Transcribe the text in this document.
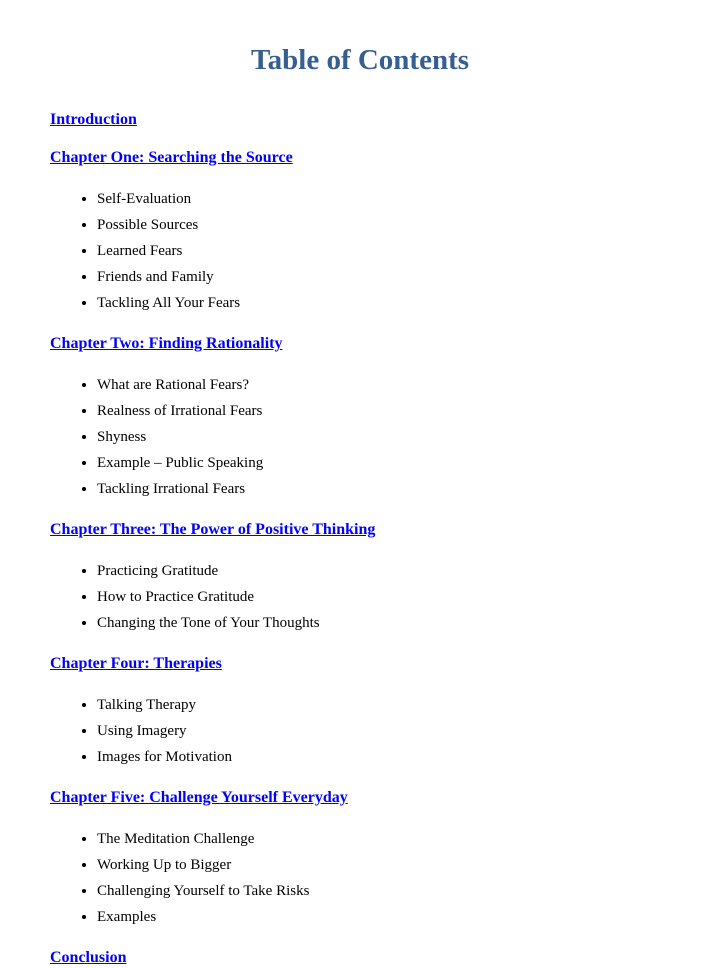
Table of Contents

Introduction

Chapter One: Searching the Source

• Self-Evaluation
• Possible Sources
• Learned Fears
• Friends and Family
• Tackling All Your Fears

Chapter Two: Finding Rationality

• What are Rational Fears?
• Realness of Irrational Fears
• Shyness
• Example – Public Speaking
• Tackling Irrational Fears

Chapter Three: The Power of Positive Thinking

• Practicing Gratitude
• How to Practice Gratitude
• Changing the Tone of Your Thoughts

Chapter Four: Therapies

• Talking Therapy
• Using Imagery
• Images for Motivation

Chapter Five: Challenge Yourself Everyday

• The Meditation Challenge
• Working Up to Bigger
• Challenging Yourself to Take Risks
• Examples

Conclusion
